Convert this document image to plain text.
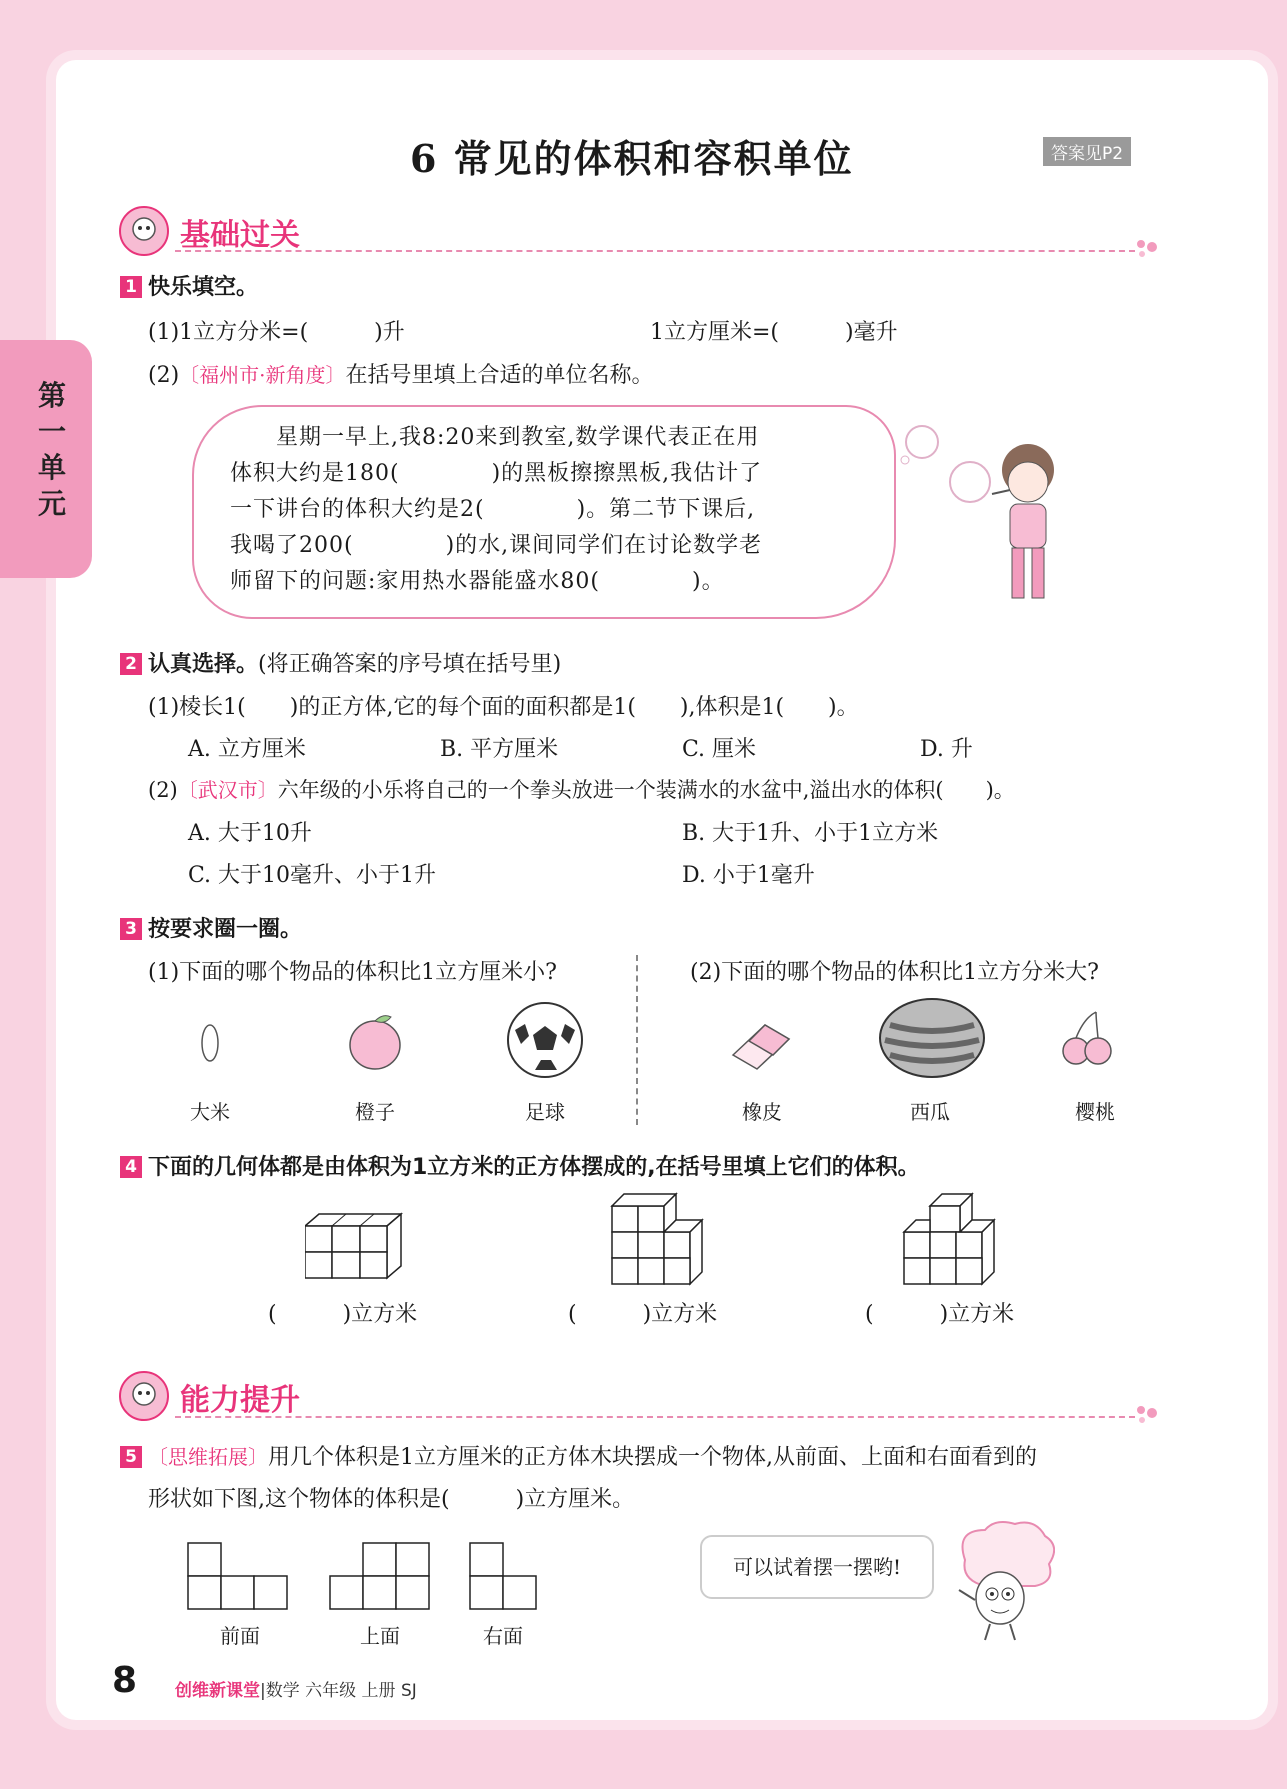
6 常见的体积和容积单位	答案见P2
第一单元
基础过关
1 快乐填空。
(1)1立方分米=(　　　)升	1立方厘米=(　　　)毫升
(2)〔福州市·新角度〕在括号里填上合适的单位名称。
　　星期一早上,我8:20来到教室,数学课代表正在用
体积大约是180(　　　　)的黑板擦擦黑板,我估计了
一下讲台的体积大约是2(　　　　)。第二节下课后,
我喝了200(　　　　)的水,课间同学们在讨论数学老
师留下的问题:家用热水器能盛水80(　　　　)。
2 认真选择。(将正确答案的序号填在括号里)
(1)棱长1(　　)的正方体,它的每个面的面积都是1(　　),体积是1(　　)。
A. 立方厘米	B. 平方厘米	C. 厘米	D. 升
(2)〔武汉市〕六年级的小乐将自己的一个拳头放进一个装满水的水盆中,溢出水的体积(　　)。
A. 大于10升	B. 大于1升、小于1立方米
C. 大于10毫升、小于1升	D. 小于1毫升
3 按要求圈一圈。
(1)下面的哪个物品的体积比1立方厘米小?	(2)下面的哪个物品的体积比1立方分米大?
大米	橙子	足球	橡皮	西瓜	樱桃
4 下面的几何体都是由体积为1立方米的正方体摆成的,在括号里填上它们的体积。
(　　　)立方米	(　　　)立方米	(　　　)立方米
能力提升
5 〔思维拓展〕用几个体积是1立方厘米的正方体木块摆成一个物体,从前面、上面和右面看到的
形状如下图,这个物体的体积是(　　　)立方厘米。
前面	上面	右面
可以试着摆一摆哟!
8 创维新课堂|数学 六年级 上册 SJ
